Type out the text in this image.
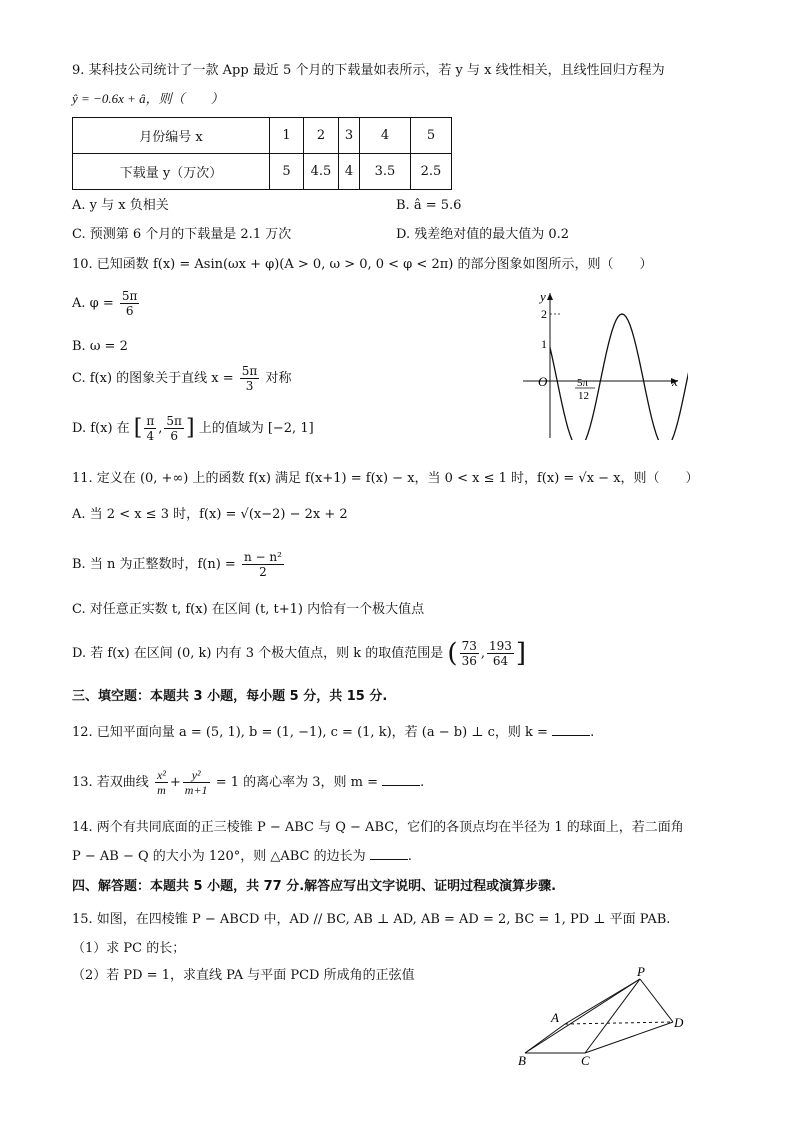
9. 某科技公司统计了一款 App 最近 5 个月的下载量如表所示，若 y 与 x 线性相关，且线性回归方程为
ŷ = −0.6x + â，则（　　）
月份编号 x	1	2	3	4	5
下载量 y（万次）	5	4.5	4	3.5	2.5
A. y 与 x 负相关	B. â = 5.6
C. 预测第 6 个月的下载量是 2.1 万次	D. 残差绝对值的最大值为 0.2
10. 已知函数 f(x) = Asin(ωx + φ)(A > 0, ω > 0, 0 < φ < 2π) 的部分图象如图所示，则（　　）
A. $\varphi = \frac{5\pi}{6}$
B. ω = 2
C. f(x) 的图象关于直线 $x = \frac{5\pi}{3}$ 对称
D. f(x) 在 [ $\frac{\pi}{4}$ , $\frac{5\pi}{6}$ ] 上的值域为 [−2, 1]
y
x
O
2
1
5π
12
11. 定义在 (0, +∞) 上的函数 f(x) 满足 f(x+1) = f(x) − x，当 0 < x ≤ 1 时，f(x) = √x − x，则（　　）
A. 当 2 < x ≤ 3 时，f(x) = √(x−2) − 2x + 2
B. 当 n 为正整数时，$f(n) = \frac{\text{n − n²}}{2}$
C. 对任意正实数 t, f(x) 在区间 (t, t+1) 内恰有一个极大值点
D. 若 f(x) 在区间 (0, k) 内有 3 个极大值点，则 k 的取值范围是 ( $\frac{73}{36}$ , $\frac{193}{64}$ ]
三、填空题：本题共 3 小题，每小题 5 分，共 15 分.
12. 已知平面向量 a = (5, 1), b = (1, −1), c = (1, k)，若 (a − b) ⊥ c，则 k =	.
13. 若双曲线 $\frac{\text{x²}}{m} + \frac{\text{y²}}{m+1} = 1$ 的离心率为 3，则 m =	.
14. 两个有共同底面的正三棱锥 P − ABC 与 Q − ABC，它们的各顶点均在半径为 1 的球面上，若二面角
P − AB − Q 的大小为 120°，则 △ABC 的边长为	.
四、解答题：本题共 5 小题，共 77 分.解答应写出文字说明、证明过程或演算步骤.
15. 如图，在四棱锥 P − ABCD 中，AD // BC, AB ⊥ AD, AB = AD = 2, BC = 1, PD ⊥ 平面 PAB.
（1）求 PC 的长；
（2）若 PD = 1，求直线 PA 与平面 PCD 所成角的正弦值	P
A
B	C
D
